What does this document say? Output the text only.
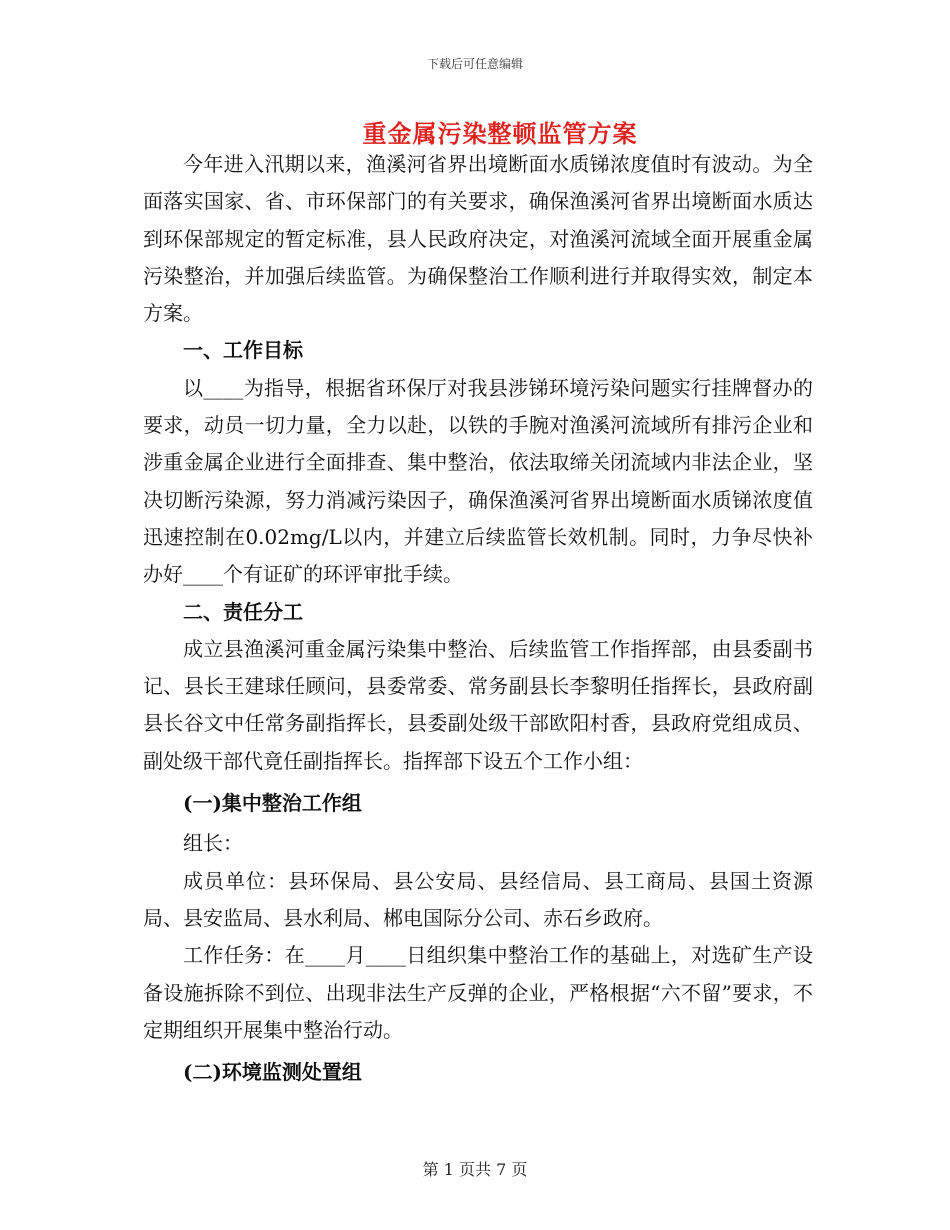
下载后可任意编辑
重金属污染整顿监管方案

今年进入汛期以来，渔溪河省界出境断面水质锑浓度值时有波动。为全面落实国家、省、市环保部门的有关要求，确保渔溪河省界出境断面水质达到环保部规定的暂定标准，县人民政府决定，对渔溪河流域全面开展重金属污染整治，并加强后续监管。为确保整治工作顺利进行并取得实效，制定本方案。

一、工作目标

以____为指导，根据省环保厅对我县涉锑环境污染问题实行挂牌督办的要求，动员一切力量，全力以赴，以铁的手腕对渔溪河流域所有排污企业和涉重金属企业进行全面排查、集中整治，依法取缔关闭流域内非法企业，坚决切断污染源，努力消减污染因子，确保渔溪河省界出境断面水质锑浓度值迅速控制在0.02mg/L以内，并建立后续监管长效机制。同时，力争尽快补办好____个有证矿的环评审批手续。

二、责任分工

成立县渔溪河重金属污染集中整治、后续监管工作指挥部，由县委副书记、县长王建球任顾问，县委常委、常务副县长李黎明任指挥长，县政府副县长谷文中任常务副指挥长，县委副处级干部欧阳村香，县政府党组成员、副处级干部代竟任副指挥长。指挥部下设五个工作小组：

(一)集中整治工作组

组长：

成员单位：县环保局、县公安局、县经信局、县工商局、县国土资源局、县安监局、县水利局、郴电国际分公司、赤石乡政府。

工作任务：在____月____日组织集中整治工作的基础上，对选矿生产设备设施拆除不到位、出现非法生产反弹的企业，严格根据“六不留”要求，不定期组织开展集中整治行动。

(二)环境监测处置组
第 1 页共 7 页
